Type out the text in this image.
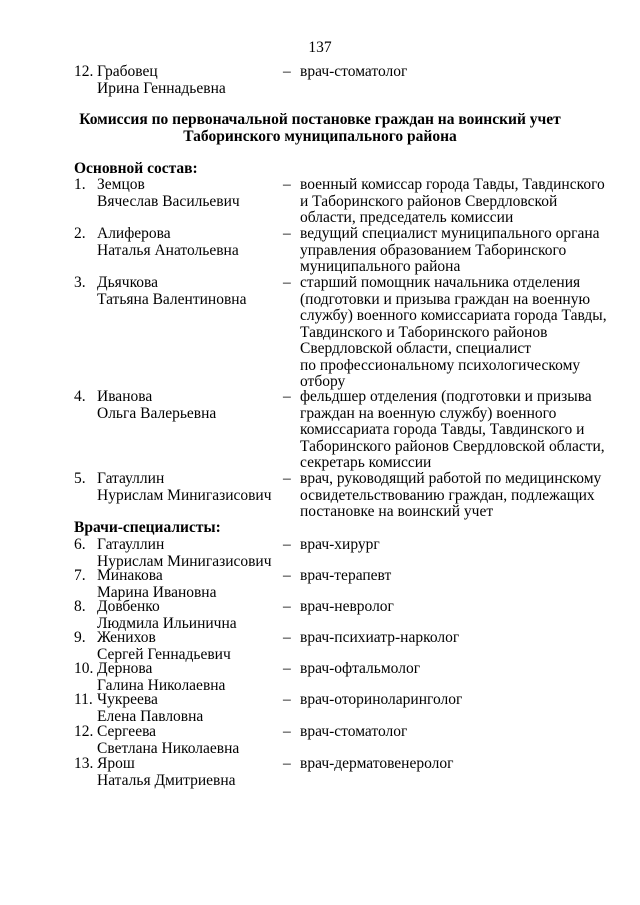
137
12. Грабовец
Ирина Геннадьевна
– врач-стоматолог
Комиссия по первоначальной постановке граждан на воинский учет
Таборинского муниципального района
Основной состав:
1. Земцов
Вячеслав Васильевич
– военный комиссар города Тавды, Тавдинского
и Таборинского районов Свердловской
области, председатель комиссии
2. Алиферова
Наталья Анатольевна
– ведущий специалист муниципального органа
управления образованием Таборинского
муниципального района
3. Дьячкова
Татьяна Валентиновна
– старший помощник начальника отделения
(подготовки и призыва граждан на военную
службу) военного комиссариата города Тавды,
Тавдинского и Таборинского районов
Свердловской области, специалист
по профессиональному психологическому
отбору
4. Иванова
Ольга Валерьевна
– фельдшер отделения (подготовки и призыва
граждан на военную службу) военного
комиссариата города Тавды, Тавдинского и
Таборинского районов Свердловской области,
секретарь комиссии
5. Гатауллин
Нурислам Минигазисович
– врач, руководящий работой по медицинскому
освидетельствованию граждан, подлежащих
постановке на воинский учет
Врачи-специалисты:
6. Гатауллин
Нурислам Минигазисович
– врач-хирург
7. Минакова
Марина Ивановна
– врач-терапевт
8. Довбенко
Людмила Ильинична
– врач-невролог
9. Женихов
Сергей Геннадьевич
– врач-психиатр-нарколог
10. Дернова
Галина Николаевна
– врач-офтальмолог
11. Чукреева
Елена Павловна
– врач-оториноларинголог
12. Сергеева
Светлана Николаевна
– врач-стоматолог
13. Ярош
Наталья Дмитриевна
– врач-дерматовенеролог
